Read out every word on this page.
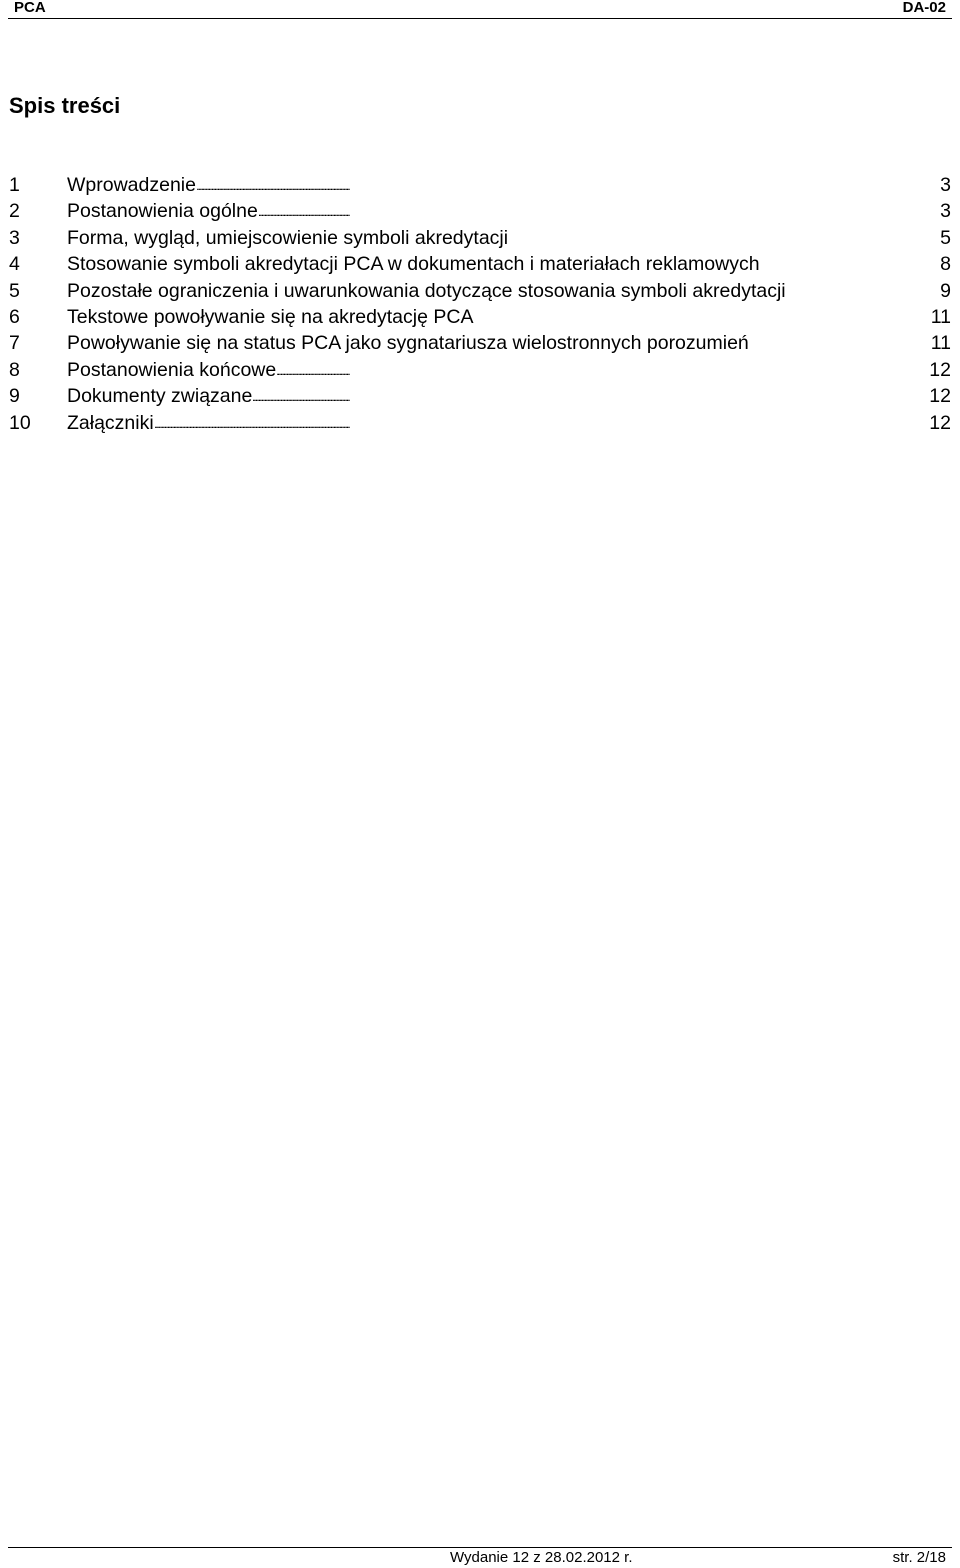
PCA	DA-02
Spis treści
1	. . . Wprowadzenie	3
2	. . . Postanowienia ogólne	3
3	. . . Forma, wygląd, umiejscowienie symboli akredytacji	5
4	. . . Stosowanie symboli akredytacji PCA w dokumentach i materiałach reklamowych	8
5	. . . Pozostałe ograniczenia i uwarunkowania dotyczące stosowania symboli akredytacji	9
6	. . . Tekstowe powoływanie się na akredytację PCA	11
7	. . . Powoływanie się na status PCA jako sygnatariusza wielostronnych porozumień	11
8	. . . Postanowienia końcowe	12
9	. . . Dokumenty związane	12
10	. . . Załączniki	12
Wydanie 12 z 28.02.2012 r.	str. 2/18
